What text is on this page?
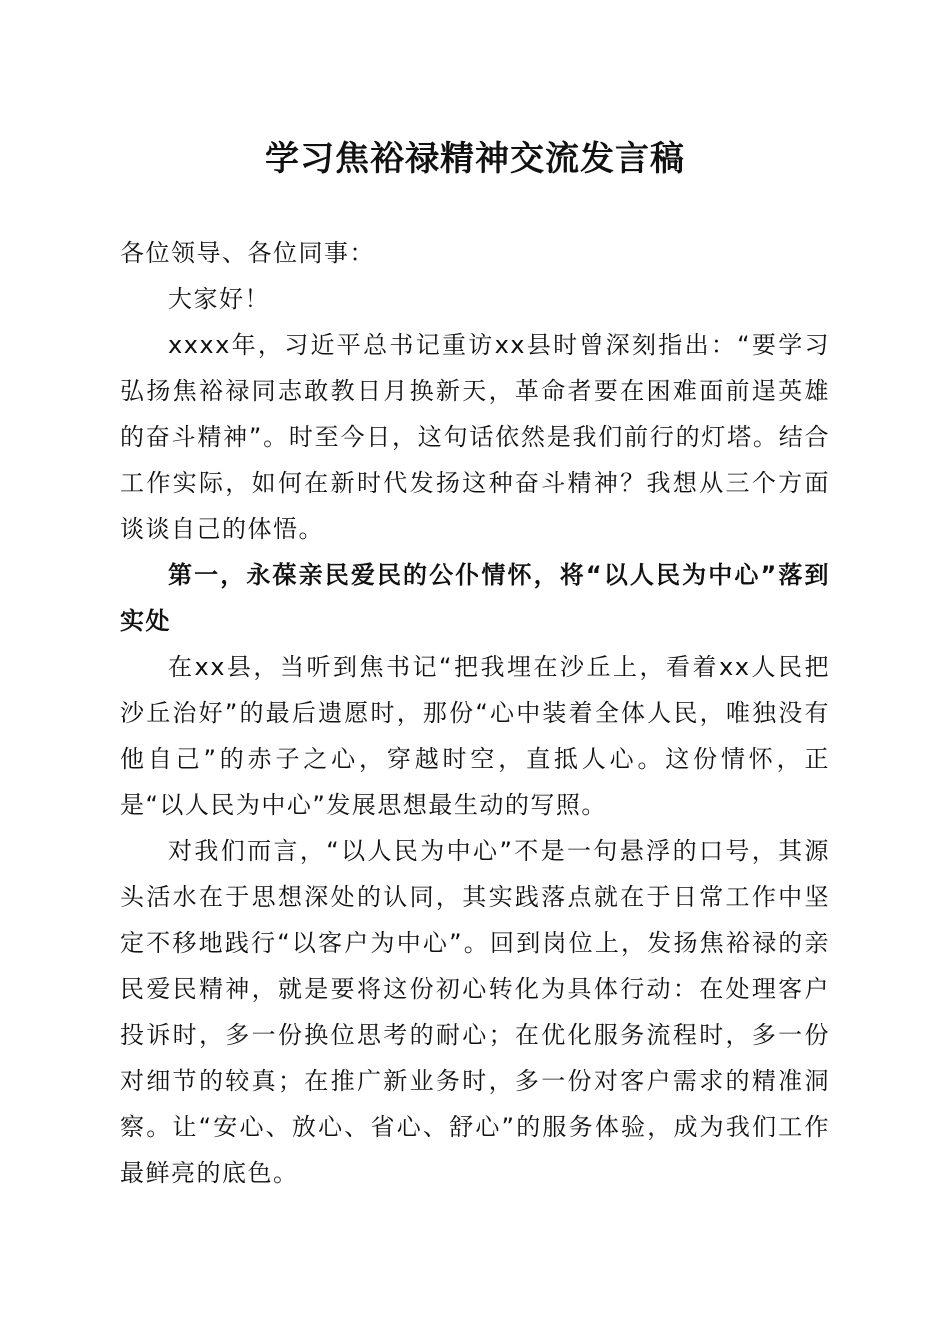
学习焦裕禄精神交流发言稿

各位领导、各位同事：

大家好！

xxxx年，习近平总书记重访xx县时曾深刻指出：“要学习弘扬焦裕禄同志敢教日月换新天，革命者要在困难面前逞英雄的奋斗精神”。时至今日，这句话依然是我们前行的灯塔。结合工作实际，如何在新时代发扬这种奋斗精神？我想从三个方面谈谈自己的体悟。

第一，永葆亲民爱民的公仆情怀，将“以人民为中心”落到实处

在xx县，当听到焦书记“把我埋在沙丘上，看着xx人民把沙丘治好”的最后遗愿时，那份“心中装着全体人民，唯独没有他自己”的赤子之心，穿越时空，直抵人心。这份情怀，正是“以人民为中心”发展思想最生动的写照。

对我们而言，“以人民为中心”不是一句悬浮的口号，其源头活水在于思想深处的认同，其实践落点就在于日常工作中坚定不移地践行“以客户为中心”。回到岗位上，发扬焦裕禄的亲民爱民精神，就是要将这份初心转化为具体行动：在处理客户投诉时，多一份换位思考的耐心；在优化服务流程时，多一份对细节的较真；在推广新业务时，多一份对客户需求的精准洞察。让“安心、放心、省心、舒心”的服务体验，成为我们工作最鲜亮的底色。
